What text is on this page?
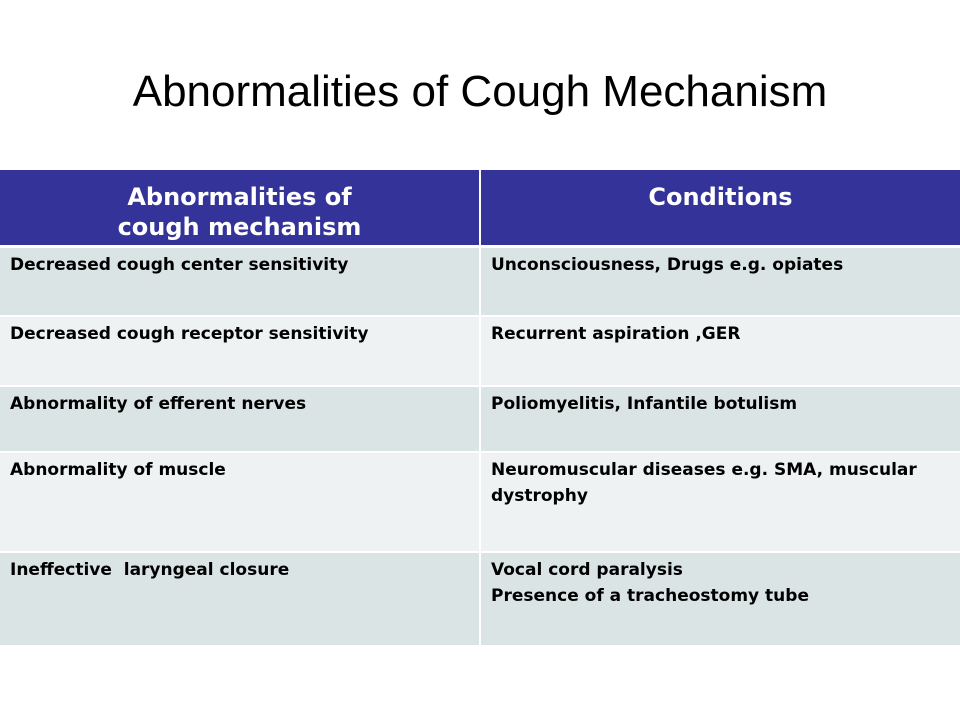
Abnormalities of Cough Mechanism
Abnormalities of
cough mechanism	Conditions
Decreased cough center sensitivity	Unconsciousness, Drugs e.g. opiates
Decreased cough receptor sensitivity	Recurrent aspiration ,GER
Abnormality of efferent nerves	Poliomyelitis, Infantile botulism
Abnormality of muscle	Neuromuscular diseases e.g. SMA, muscular dystrophy
Ineffective  laryngeal closure	Vocal cord paralysis
Presence of a tracheostomy tube
